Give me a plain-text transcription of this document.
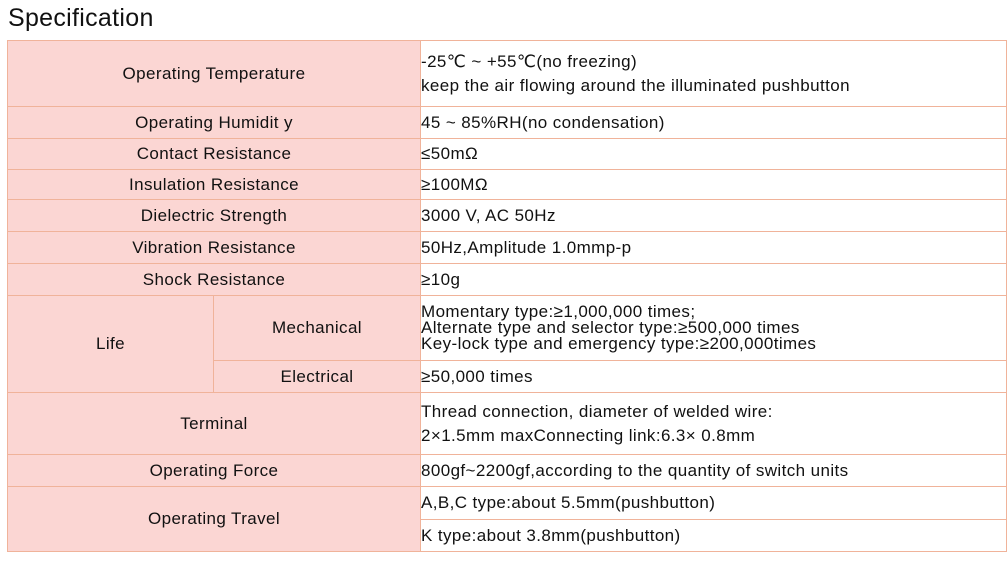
Specification
Operating Temperature		-25℃ ~ +55℃(no freezing)
keep the air flowing around the illuminated pushbutton

Operating Humidit y		45 ~ 85%RH(no condensation)
Contact Resistance		≤50mΩ
Insulation Resistance		≥100MΩ
Dielectric Strength		3000 V, AC 50Hz
Vibration Resistance		50Hz,Amplitude 1.0mmp-p
Shock Resistance		≥10g
Life	Mechanical	Momentary type:≥1,000,000 times;
Alternate type and selector type:≥500,000 times
Key-lock type and emergency type:≥200,000times

	Electrical	≥50,000 times
Terminal		Thread connection, diameter of welded wire:
2×1.5mm maxConnecting link:6.3× 0.8mm

Operating Force		800gf~2200gf,according to the quantity of switch units
Operating Travel		A,B,C type:about 5.5mm(pushbutton)
		K type:about 3.8mm(pushbutton)
